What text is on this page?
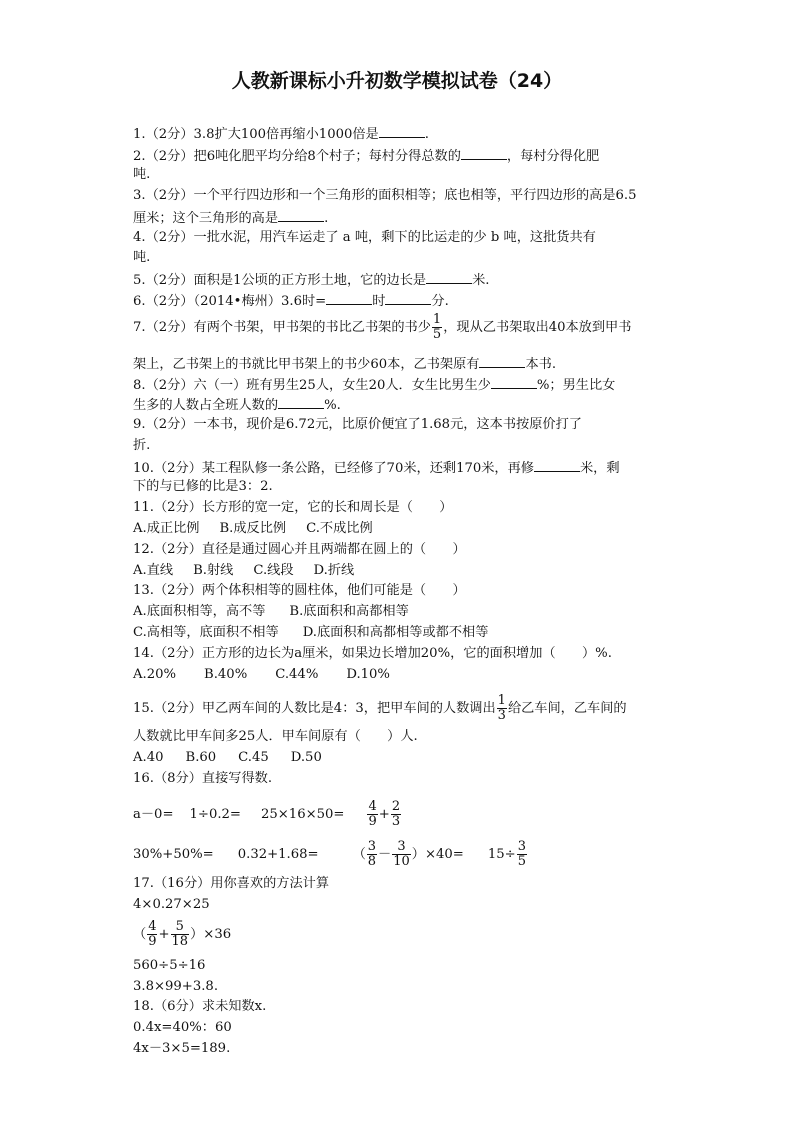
人教新课标小升初数学模拟试卷（24）
1.（2分）3.8扩大100倍再缩小1000倍是	.
2.（2分）把6吨化肥平均分给8个村子；每村分得总数的	，每村分得化肥
吨.
3.（2分）一个平行四边形和一个三角形的面积相等；底也相等，平行四边形的高是6.5
厘米；这个三角形的高是	.
4.（2分）一批水泥，用汽车运走了 a 吨，剩下的比运走的少 b 吨，这批货共有
吨.
5.（2分）面积是1公顷的正方形土地，它的边长是	米.
6.（2分）（2014•梅州）3.6时=	时	分.
7.（2分）有两个书架，甲书架的书比乙书架的书少 $\frac{1}{5}$ ，现从乙书架取出40本放到甲书
架上，乙书架上的书就比甲书架上的书少60本，乙书架原有	本书.
8.（2分）六（一）班有男生25人，女生20人．女生比男生少	%；男生比女
生多的人数占全班人数的	%.
9.（2分）一本书，现价是6.72元，比原价便宜了1.68元，这本书按原价打了
折.
10.（2分）某工程队修一条公路，已经修了70米，还剩170米，再修	米，剩
下的与已修的比是3：2.
11.（2分）长方形的宽一定，它的长和周长是（　　）
A.成正比例 B.成反比例 C.不成比例
12.（2分）直径是通过圆心并且两端都在圆上的（　　）
A.直线 B.射线 C.线段 D.折线
13.（2分）两个体积相等的圆柱体，他们可能是（　　）
A.底面积相等，高不等 B.底面积和高都相等
C.高相等，底面积不相等 D.底面积和高都相等或都不相等
14.（2分）正方形的边长为a厘米，如果边长增加20%，它的面积增加（　　）%.
A.20% B.40% C.44% D.10%
15.（2分）甲乙两车间的人数比是4：3，把甲车间的人数调出 $\frac{1}{3}$ 给乙车间，乙车间的
人数就比甲车间多25人．甲车间原有（　　）人.
A.40 B.60 C.45 D.50
16.（8分）直接写得数.
$a-0= 1\div 0.2= 25\times 16\times 50= \frac{4}{9} + \frac{2}{3}$
30%+50%= 0.32+1.68=	（ $\frac{3}{8} - \frac{3}{10} )\times 40= 15\div \frac{3}{5}$
17.（16分）用你喜欢的方法计算
4×0.27×25
（ $\frac{4}{9} + \frac{5}{18} )\times 36$
560÷5÷16
3.8×99+3.8.
18.（6分）求未知数x.
0.4x=40%：60
4x－3×5=189.
